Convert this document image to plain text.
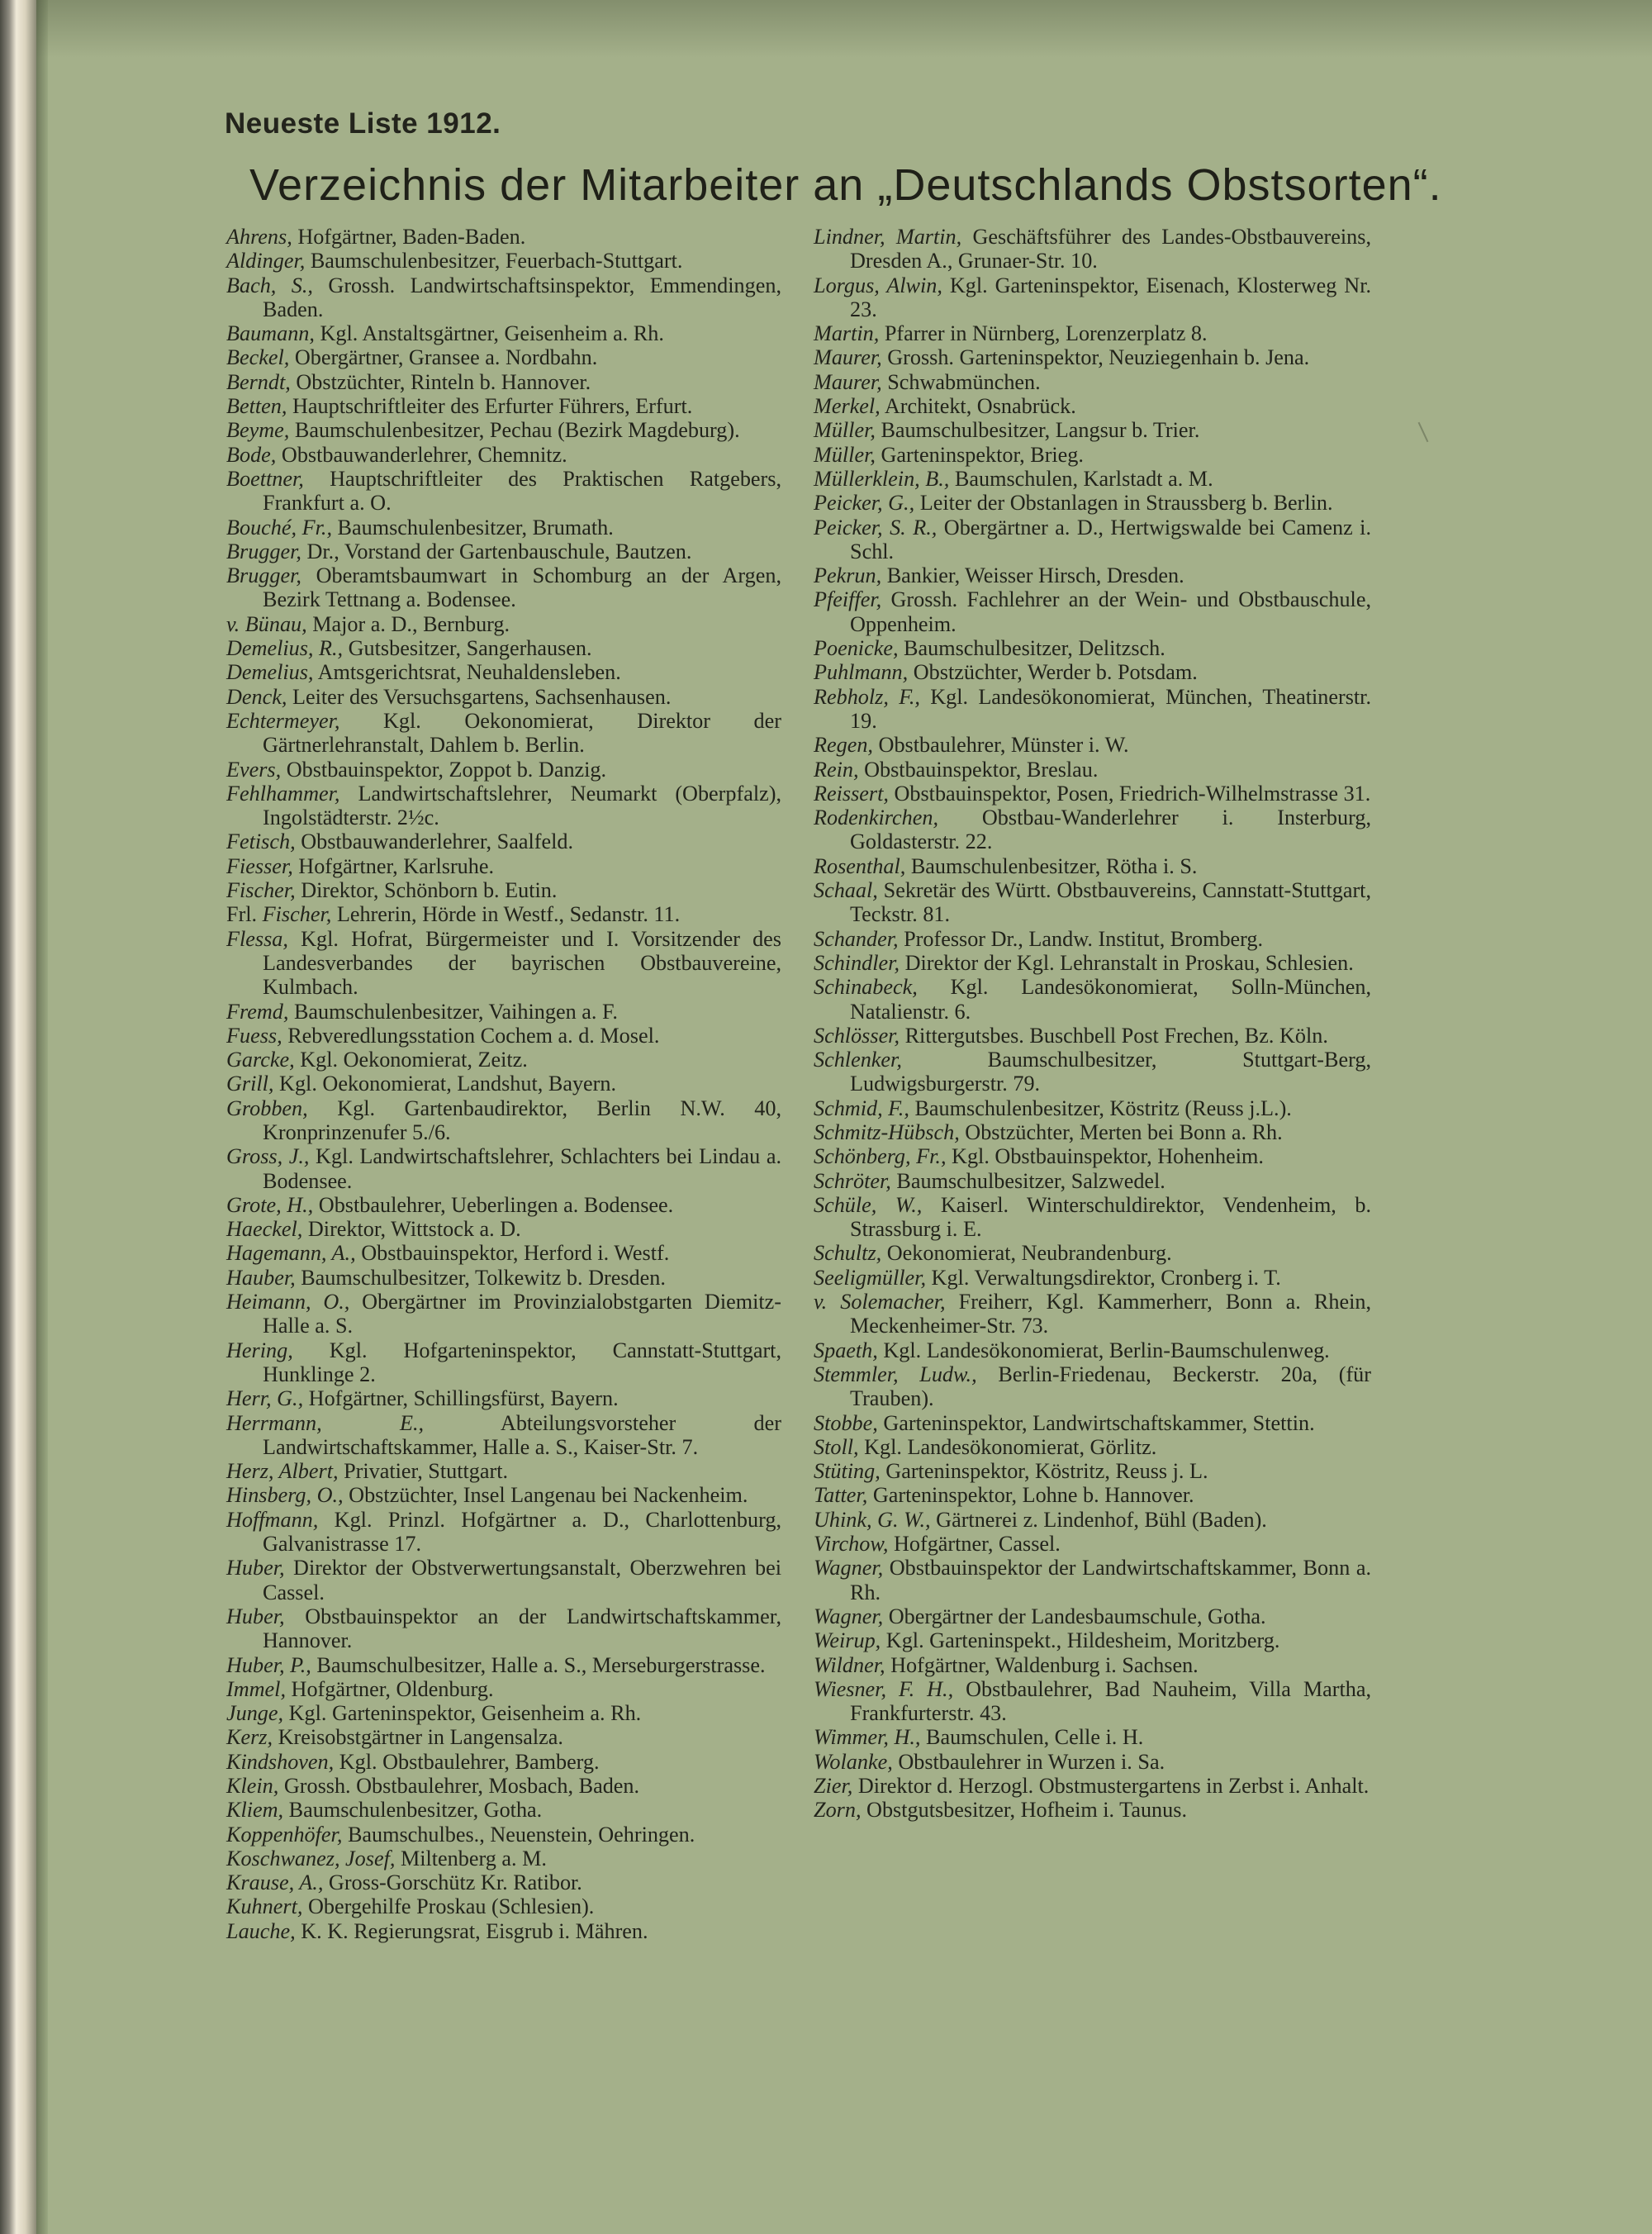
Neueste Liste 1912.

Verzeichnis der Mitarbeiter an „Deutschlands Obstsorten“.
Ahrens, Hofgärtner, Baden-Baden.
Aldinger, Baumschulenbesitzer, Feuerbach-Stuttgart.
Bach, S., Grossh. Landwirtschaftsinspektor, Emmendingen, Baden.
Baumann, Kgl. Anstaltsgärtner, Geisenheim a. Rh.
Beckel, Obergärtner, Gransee a. Nordbahn.
Berndt, Obstzüchter, Rinteln b. Hannover.
Betten, Hauptschriftleiter des Erfurter Führers, Erfurt.
Beyme, Baumschulenbesitzer, Pechau (Bezirk Magdeburg).
Bode, Obstbauwanderlehrer, Chemnitz.
Boettner, Hauptschriftleiter des Praktischen Ratgebers, Frankfurt a. O.
Bouché, Fr., Baumschulenbesitzer, Brumath.
Brugger, Dr., Vorstand der Gartenbauschule, Bautzen.
Brugger, Oberamtsbaumwart in Schomburg an der Argen, Bezirk Tettnang a. Bodensee.
v. Bünau, Major a. D., Bernburg.
Demelius, R., Gutsbesitzer, Sangerhausen.
Demelius, Amtsgerichtsrat, Neuhaldensleben.
Denck, Leiter des Versuchsgartens, Sachsenhausen.
Echtermeyer, Kgl. Oekonomierat, Direktor der Gärtnerlehranstalt, Dahlem b. Berlin.
Evers, Obstbauinspektor, Zoppot b. Danzig.
Fehlhammer, Landwirtschaftslehrer, Neumarkt (Oberpfalz), Ingolstädterstr. 2½c.
Fetisch, Obstbauwanderlehrer, Saalfeld.
Fiesser, Hofgärtner, Karlsruhe.
Fischer, Direktor, Schönborn b. Eutin.
Frl. Fischer, Lehrerin, Hörde in Westf., Sedanstr. 11.
Flessa, Kgl. Hofrat, Bürgermeister und I. Vorsitzender des Landesverbandes der bayrischen Obstbauvereine, Kulmbach.
Fremd, Baumschulenbesitzer, Vaihingen a. F.
Fuess, Rebveredlungsstation Cochem a. d. Mosel.
Garcke, Kgl. Oekonomierat, Zeitz.
Grill, Kgl. Oekonomierat, Landshut, Bayern.
Grobben, Kgl. Gartenbaudirektor, Berlin N.W. 40, Kronprinzenufer 5./6.
Gross, J., Kgl. Landwirtschaftslehrer, Schlachters bei Lindau a. Bodensee.
Grote, H., Obstbaulehrer, Ueberlingen a. Bodensee.
Haeckel, Direktor, Wittstock a. D.
Hagemann, A., Obstbauinspektor, Herford i. Westf.
Hauber, Baumschulbesitzer, Tolkewitz b. Dresden.
Heimann, O., Obergärtner im Provinzialobstgarten Diemitz-Halle a. S.
Hering, Kgl. Hofgarteninspektor, Cannstatt-Stuttgart, Hunklinge 2.
Herr, G., Hofgärtner, Schillingsfürst, Bayern.
Herrmann, E.,	Abteilungsvorsteher der Landwirtschaftskammer, Halle a. S., Kaiser-Str. 7.
Herz, Albert, Privatier, Stuttgart.
Hinsberg, O., Obstzüchter, Insel Langenau bei Nackenheim.
Hoffmann, Kgl. Prinzl. Hofgärtner a. D., Charlottenburg, Galvanistrasse 17.
Huber, Direktor der Obstverwertungsanstalt, Oberzwehren bei Cassel.
Huber, Obstbauinspektor an der Landwirtschaftskammer, Hannover.
Huber, P., Baumschulbesitzer, Halle a. S., Merseburgerstrasse.
Immel, Hofgärtner, Oldenburg.
Junge, Kgl. Garteninspektor, Geisenheim a. Rh.
Kerz, Kreisobstgärtner in Langensalza.
Kindshoven, Kgl. Obstbaulehrer, Bamberg.
Klein, Grossh. Obstbaulehrer, Mosbach, Baden.
Kliem, Baumschulenbesitzer, Gotha.
Koppenhöfer, Baumschulbes., Neuenstein, Oehringen.
Koschwanez, Josef, Miltenberg a. M.
Krause, A., Gross-Gorschütz Kr. Ratibor.
Kuhnert, Obergehilfe Proskau (Schlesien).
Lauche, K. K. Regierungsrat, Eisgrub i. Mähren.
Lindner, Martin, Geschäftsführer des Landes-Obstbauvereins, Dresden A., Grunaer-Str. 10.
Lorgus, Alwin, Kgl. Garteninspektor, Eisenach, Klosterweg Nr. 23.
Martin, Pfarrer in Nürnberg, Lorenzerplatz 8.
Maurer, Grossh. Garteninspektor, Neuziegenhain b. Jena.
Maurer, Schwabmünchen.
Merkel, Architekt, Osnabrück.
Müller, Baumschulbesitzer, Langsur b. Trier.
Müller, Garteninspektor, Brieg.
Müllerklein, B., Baumschulen, Karlstadt a. M.
Peicker, G., Leiter der Obstanlagen in Straussberg b. Berlin.
Peicker, S. R., Obergärtner a. D., Hertwigswalde bei Camenz i. Schl.
Pekrun, Bankier, Weisser Hirsch, Dresden.
Pfeiffer, Grossh. Fachlehrer an der Wein- und Obstbauschule, Oppenheim.
Poenicke, Baumschulbesitzer, Delitzsch.
Puhlmann, Obstzüchter, Werder b. Potsdam.
Rebholz, F., Kgl. Landesökonomierat, München, Theatinerstr. 19.
Regen, Obstbaulehrer, Münster i. W.
Rein, Obstbauinspektor, Breslau.
Reissert, Obstbauinspektor, Posen, Friedrich-Wilhelmstrasse 31.
Rodenkirchen, Obstbau-Wanderlehrer i. Insterburg, Goldasterstr. 22.
Rosenthal, Baumschulenbesitzer, Rötha i. S.
Schaal, Sekretär des Württ. Obstbauvereins, Cannstatt-Stuttgart, Teckstr. 81.
Schander, Professor Dr., Landw. Institut, Bromberg.
Schindler, Direktor der Kgl. Lehranstalt in Proskau, Schlesien.
Schinabeck, Kgl. Landesökonomierat, Solln-München, Natalienstr. 6.
Schlösser, Rittergutsbes. Buschbell Post Frechen, Bz. Köln.
Schlenker,	Baumschulbesitzer, Stuttgart-Berg, Ludwigsburgerstr. 79.
Schmid, F., Baumschulenbesitzer, Köstritz (Reuss j.L.).
Schmitz-Hübsch, Obstzüchter, Merten bei Bonn a. Rh.
Schönberg, Fr., Kgl. Obstbauinspektor, Hohenheim.
Schröter, Baumschulbesitzer, Salzwedel.
Schüle, W., Kaiserl. Winterschuldirektor, Vendenheim, b. Strassburg i. E.
Schultz, Oekonomierat, Neubrandenburg.
Seeligmüller, Kgl. Verwaltungsdirektor, Cronberg i. T.
v. Solemacher, Freiherr, Kgl. Kammerherr, Bonn a. Rhein, Meckenheimer-Str. 73.
Spaeth, Kgl. Landesökonomierat, Berlin-Baumschulenweg.
Stemmler, Ludw., Berlin-Friedenau, Beckerstr. 20a, (für Trauben).
Stobbe, Garteninspektor, Landwirtschaftskammer, Stettin.
Stoll, Kgl. Landesökonomierat, Görlitz.
Stüting, Garteninspektor, Köstritz, Reuss j. L.
Tatter, Garteninspektor, Lohne b. Hannover.
Uhink, G. W., Gärtnerei z. Lindenhof, Bühl (Baden).
Virchow, Hofgärtner, Cassel.
Wagner, Obstbauinspektor der Landwirtschaftskammer, Bonn a. Rh.
Wagner, Obergärtner der Landesbaumschule, Gotha.
Weirup, Kgl. Garteninspekt., Hildesheim, Moritzberg.
Wildner, Hofgärtner, Waldenburg i. Sachsen.
Wiesner, F. H., Obstbaulehrer, Bad Nauheim, Villa Martha, Frankfurterstr. 43.
Wimmer, H., Baumschulen, Celle i. H.
Wolanke, Obstbaulehrer in Wurzen i. Sa.
Zier, Direktor d. Herzogl. Obstmustergartens in Zerbst i. Anhalt.
Zorn, Obstgutsbesitzer, Hofheim i. Taunus.
